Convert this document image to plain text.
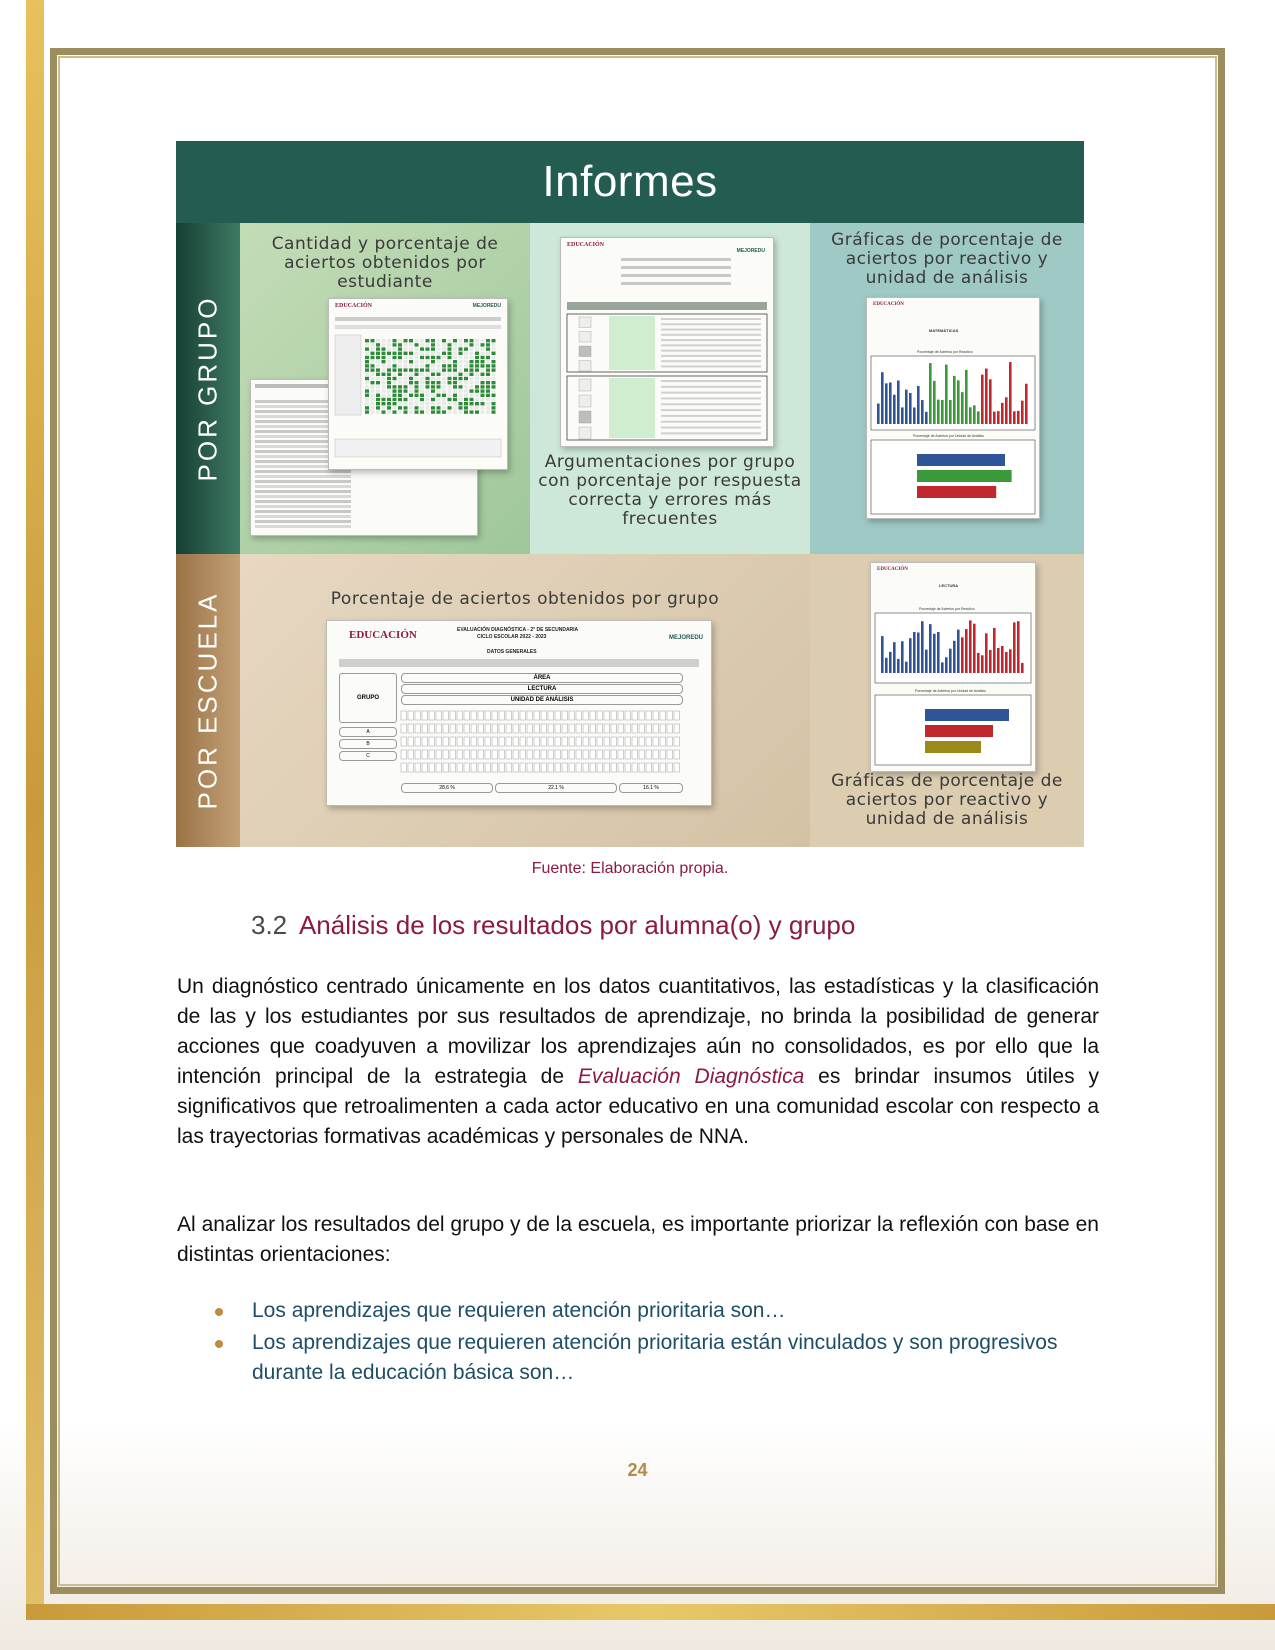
Informes
POR GRUPO
POR ESCUELA
Cantidad y porcentaje de aciertos obtenidos por estudiante
EDUCACIÓN	MEJOREDU
EDUCACIÓN
MEJOREDU
Argumentaciones por grupo con porcentaje por respuesta correcta y errores más frecuentes
Gráficas de porcentaje de aciertos por reactivo y unidad de análisis
EDUCACIÓN
MATEMÁTICAS
Porcentaje de Aciertos por Reactivo
Porcentaje de Aciertos por Unidad de Análisis
Porcentaje de aciertos obtenidos por grupo
EDUCACIÓN	MEJOREDU
EVALUACIÓN DIAGNÓSTICA - 2° DE SECUNDARIA
CICLO ESCOLAR 2022 - 2023
DATOS GENERALES
ÁREA
LECTURA
UNIDAD DE ANÁLISIS
GRUPO
A
B
C
28.6 %	22.1 %	16.1 %
EDUCACIÓN
LECTURA
Porcentaje de Aciertos por Reactivo
Porcentaje de Aciertos por Unidad de Análisis
Gráficas de porcentaje de aciertos por reactivo y unidad de análisis
Fuente: Elaboración propia.
3.2 Análisis de los resultados por alumna(o) y grupo

Un diagnóstico centrado únicamente en los datos cuantitativos, las estadísticas y la clasificación de las y los estudiantes por sus resultados de aprendizaje, no brinda la posibilidad de generar acciones que coadyuven a movilizar los aprendizajes aún no consolidados, es por ello que la intención principal de la estrategia de Evaluación Diagnóstica es brindar insumos útiles y significativos que retroalimenten a cada actor educativo en una comunidad escolar con respecto a las trayectorias formativas académicas y personales de NNA.

Al analizar los resultados del grupo y de la escuela, es importante priorizar la reflexión con base en distintas orientaciones:

Los aprendizajes que requieren atención prioritaria son…
Los aprendizajes que requieren atención prioritaria están vinculados y son progresivos durante la educación básica son…
24
